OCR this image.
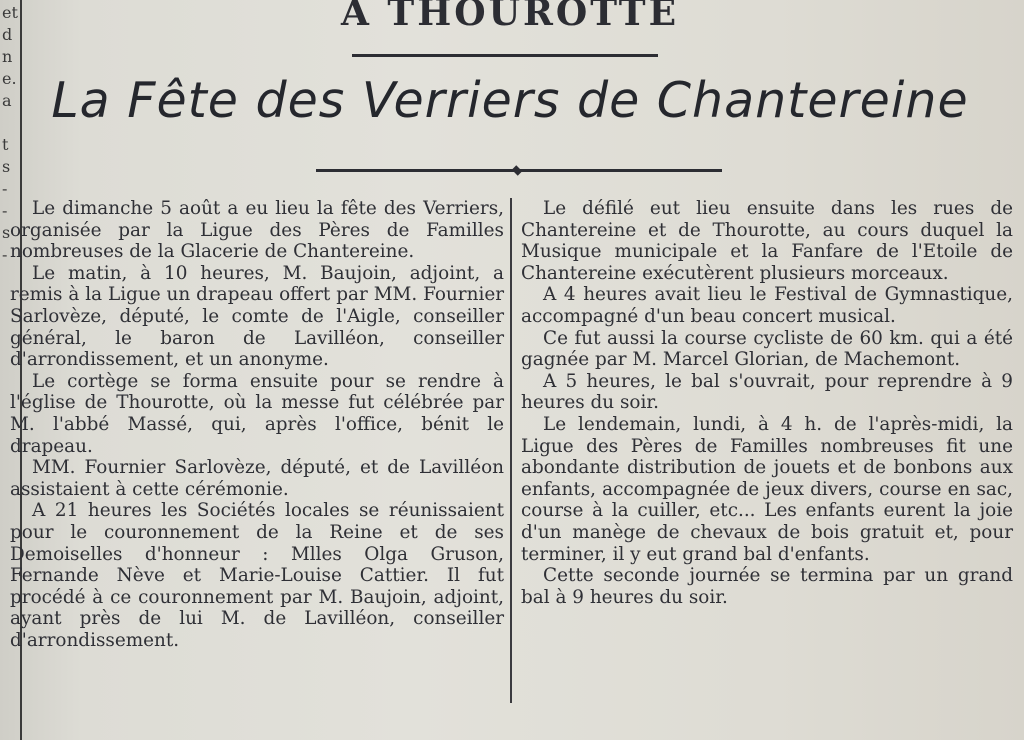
et
d
n
e.
a
t
s
-
-
s
-
A THOUROTTE
La Fête des Verriers de Chantereine

Le dimanche 5 août a eu lieu la fête des Verriers, organisée par la Ligue des Pères de Familles nombreuses de la Glacerie de Chantereine.

Le matin, à 10 heures, M. Baujoin, adjoint, a remis à la Ligue un drapeau offert par MM. Fournier Sarlovèze, député, le comte de l'Aigle, conseiller général, le baron de Lavilléon, conseiller d'arrondissement, et un anonyme.

Le cortège se forma ensuite pour se rendre à l'église de Thourotte, où la messe fut célébrée par M. l'abbé Massé, qui, après l'office, bénit le drapeau.

MM. Fournier Sarlovèze, député, et de Lavilléon assistaient à cette cérémonie.

A 21 heures les Sociétés locales se réunissaient pour le couronnement de la Reine et de ses Demoiselles d'honneur : Mlles Olga Gruson, Fernande Nève et Marie-Louise Cattier. Il fut procédé à ce couronnement par M. Baujoin, adjoint, ayant près de lui M. de Lavilléon, conseiller d'arrondissement.

Le défilé eut lieu ensuite dans les rues de Chantereine et de Thourotte, au cours duquel la Musique municipale et la Fanfare de l'Etoile de Chantereine exécutèrent plusieurs morceaux.

A 4 heures avait lieu le Festival de Gymnastique, accompagné d'un beau concert musical.

Ce fut aussi la course cycliste de 60 km. qui a été gagnée par M. Marcel Glorian, de Machemont.

A 5 heures, le bal s'ouvrait, pour reprendre à 9 heures du soir.

Le lendemain, lundi, à 4 h. de l'après-midi, la Ligue des Pères de Familles nombreuses fit une abondante distribution de jouets et de bonbons aux enfants, accompagnée de jeux divers, course en sac, course à la cuiller, etc... Les enfants eurent la joie d'un manège de chevaux de bois gratuit et, pour terminer, il y eut grand bal d'enfants.

Cette seconde journée se termina par un grand bal à 9 heures du soir.
